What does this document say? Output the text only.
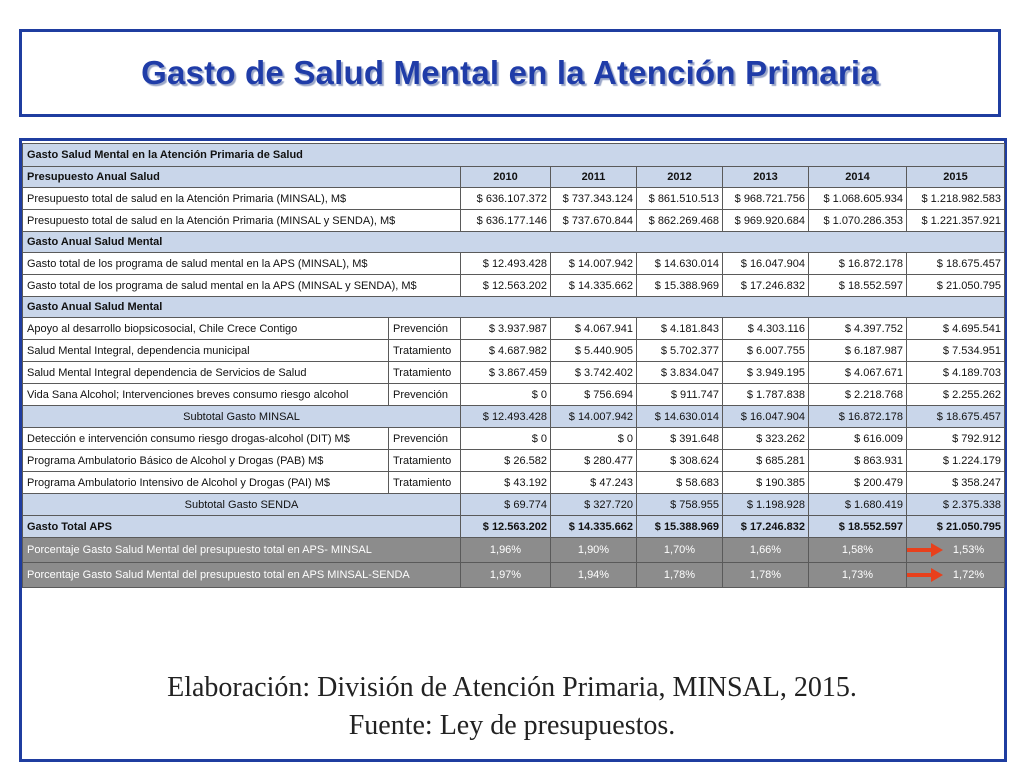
Gasto de Salud Mental en la Atención Primaria
Gasto Salud Mental en la Atención Primaria de Salud							
Presupuesto Anual Salud		2010	2011	2012	2013	2014	2015
Presupuesto total de salud en la Atención Primaria (MINSAL), M$		$ 636.107.372	$ 737.343.124	$ 861.510.513	$ 968.721.756	$ 1.068.605.934	$ 1.218.982.583
Presupuesto total de salud en la Atención Primaria (MINSAL y SENDA), M$		$ 636.177.146	$ 737.670.844	$ 862.269.468	$ 969.920.684	$ 1.070.286.353	$ 1.221.357.921
Gasto Anual Salud Mental							
Gasto total de los programa de salud mental en la APS (MINSAL), M$		$ 12.493.428	$ 14.007.942	$ 14.630.014	$ 16.047.904	$ 16.872.178	$ 18.675.457
Gasto total de los programa de salud mental en la APS (MINSAL y SENDA), M$		$ 12.563.202	$ 14.335.662	$ 15.388.969	$ 17.246.832	$ 18.552.597	$ 21.050.795
Gasto Anual Salud Mental							
Apoyo al desarrollo biopsicosocial, Chile Crece Contigo	Prevención	$ 3.937.987	$ 4.067.941	$ 4.181.843	$ 4.303.116	$ 4.397.752	$ 4.695.541
Salud Mental Integral, dependencia municipal	Tratamiento	$ 4.687.982	$ 5.440.905	$ 5.702.377	$ 6.007.755	$ 6.187.987	$ 7.534.951
Salud Mental Integral dependencia de Servicios de Salud	Tratamiento	$ 3.867.459	$ 3.742.402	$ 3.834.047	$ 3.949.195	$ 4.067.671	$ 4.189.703
Vida Sana Alcohol; Intervenciones breves consumo riesgo alcohol	Prevención	$ 0	$ 756.694	$ 911.747	$ 1.787.838	$ 2.218.768	$ 2.255.262
Subtotal Gasto MINSAL		$ 12.493.428	$ 14.007.942	$ 14.630.014	$ 16.047.904	$ 16.872.178	$ 18.675.457
Detección e intervención consumo riesgo drogas-alcohol (DIT) M$	Prevención	$ 0	$ 0	$ 391.648	$ 323.262	$ 616.009	$ 792.912
Programa Ambulatorio Básico de Alcohol y Drogas (PAB) M$	Tratamiento	$ 26.582	$ 280.477	$ 308.624	$ 685.281	$ 863.931	$ 1.224.179
Programa Ambulatorio Intensivo de Alcohol y Drogas (PAI) M$	Tratamiento	$ 43.192	$ 47.243	$ 58.683	$ 190.385	$ 200.479	$ 358.247
Subtotal Gasto SENDA		$ 69.774	$ 327.720	$ 758.955	$ 1.198.928	$ 1.680.419	$ 2.375.338
Gasto Total APS		$ 12.563.202	$ 14.335.662	$ 15.388.969	$ 17.246.832	$ 18.552.597	$ 21.050.795
Porcentaje Gasto Salud Mental del presupuesto total en APS- MINSAL		1,96%	1,90%	1,70%	1,66%	1,58%	1,53%

Porcentaje Gasto Salud Mental del presupuesto total en APS MINSAL-SENDA		1,97%	1,94%	1,78%	1,78%	1,73%	1,72%
Elaboración: División de Atención Primaria, MINSAL, 2015.
Fuente: Ley de presupuestos.
